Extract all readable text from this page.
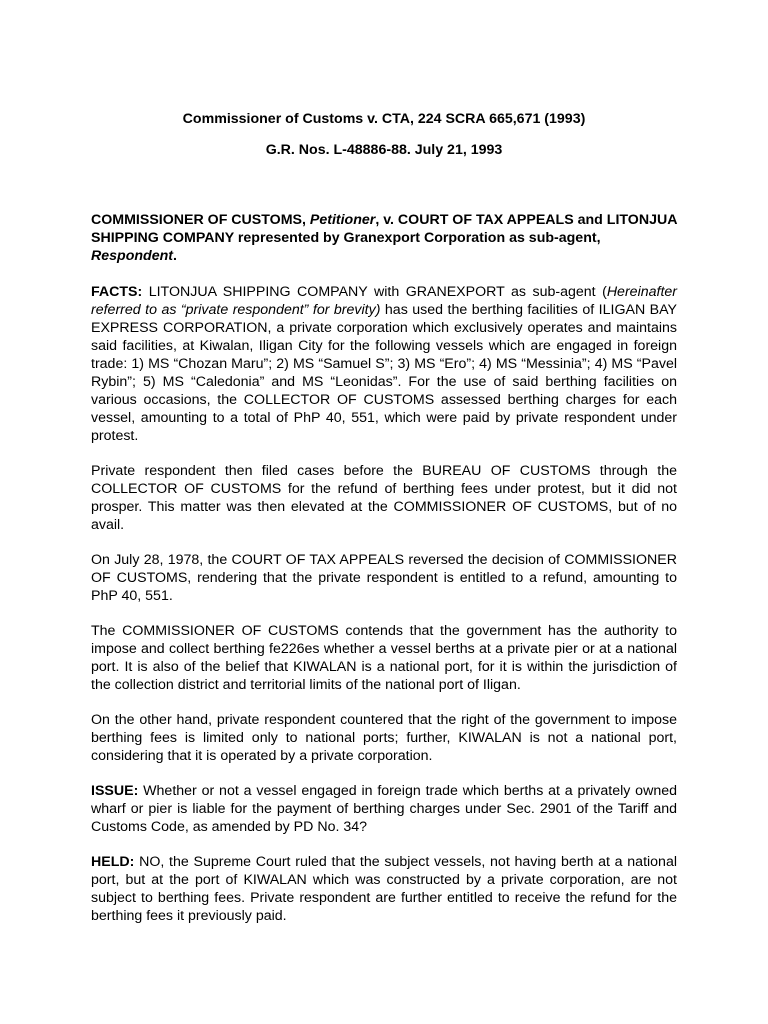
Commissioner of Customs v. CTA, 224 SCRA 665,671 (1993)

G.R. Nos. L-48886-88. July 21, 1993

COMMISSIONER OF CUSTOMS, Petitioner, v. COURT OF TAX APPEALS and LITONJUA SHIPPING COMPANY represented by Granexport Corporation as sub-agent, Respondent.

FACTS: LITONJUA SHIPPING COMPANY with GRANEXPORT as sub-agent (Hereinafter referred to as “private respondent” for brevity) has used the berthing facilities of ILIGAN BAY EXPRESS CORPORATION, a private corporation which exclusively operates and maintains said facilities, at Kiwalan, Iligan City for the following vessels which are engaged in foreign trade: 1) MS “Chozan Maru”; 2) MS “Samuel S”; 3) MS “Ero”; 4) MS “Messinia”; 4) MS “Pavel Rybin”; 5) MS “Caledonia” and MS “Leonidas”. For the use of said berthing facilities on various occasions, the COLLECTOR OF CUSTOMS assessed berthing charges for each vessel, amounting to a total of PhP 40, 551, which were paid by private respondent under protest.

Private respondent then filed cases before the BUREAU OF CUSTOMS through the COLLECTOR OF CUSTOMS for the refund of berthing fees under protest, but it did not prosper. This matter was then elevated at the COMMISSIONER OF CUSTOMS, but of no avail.

On July 28, 1978, the COURT OF TAX APPEALS reversed the decision of COMMISSIONER OF CUSTOMS, rendering that the private respondent is entitled to a refund, amounting to PhP 40, 551.

The COMMISSIONER OF CUSTOMS contends that the government has the authority to impose and collect berthing fe226es whether a vessel berths at a private pier or at a national port. It is also of the belief that KIWALAN is a national port, for it is within the jurisdiction of the collection district and territorial limits of the national port of Iligan.

On the other hand, private respondent countered that the right of the government to impose berthing fees is limited only to national ports; further, KIWALAN is not a national port, considering that it is operated by a private corporation.

ISSUE: Whether or not a vessel engaged in foreign trade which berths at a privately owned wharf or pier is liable for the payment of berthing charges under Sec. 2901 of the Tariff and Customs Code, as amended by PD No. 34?

HELD: NO, the Supreme Court ruled that the subject vessels, not having berth at a national port, but at the port of KIWALAN which was constructed by a private corporation, are not subject to berthing fees. Private respondent are further entitled to receive the refund for the berthing fees it previously paid.
